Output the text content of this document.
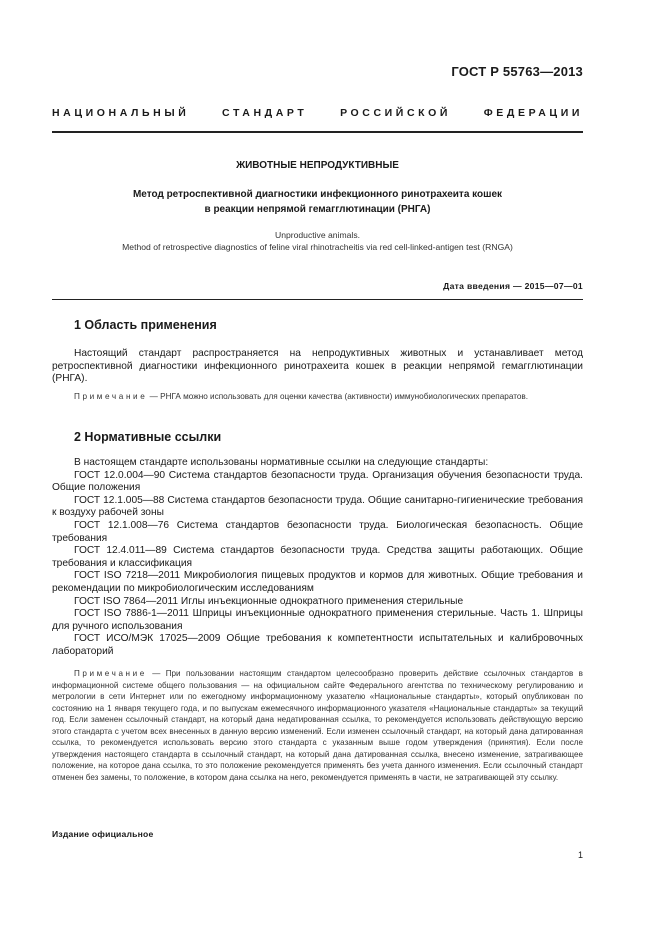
ГОСТ Р 55763—2013
НАЦИОНАЛЬНЫЙ СТАНДАРТ РОССИЙСКОЙ ФЕДЕРАЦИИ
ЖИВОТНЫЕ НЕПРОДУКТИВНЫЕ
Метод ретроспективной диагностики инфекционного ринотрахеита кошек
в реакции непрямой гемагглютинации (РНГА)
Unproductive animals.
Method of retrospective diagnostics of feline viral rhinotracheitis via red cell-linked-antigen test (RNGA)
Дата введения — 2015—07—01
1 Область применения

Настоящий стандарт распространяется на непродуктивных животных и устанавливает метод ретроспективной диагностики инфекционного ринотрахеита кошек в реакции непрямой гемагглютинации (РНГА).

Примечание — РНГА можно использовать для оценки качества (активности) иммунобиологических препаратов.

2 Нормативные ссылки

В настоящем стандарте использованы нормативные ссылки на следующие стандарты:

ГОСТ 12.0.004—90 Система стандартов безопасности труда. Организация обучения безопасности труда. Общие положения

ГОСТ 12.1.005—88 Система стандартов безопасности труда. Общие санитарно-гигиенические требования к воздуху рабочей зоны

ГОСТ 12.1.008—76 Система стандартов безопасности труда. Биологическая безопасность. Общие требования

ГОСТ 12.4.011—89 Система стандартов безопасности труда. Средства защиты работающих. Общие требования и классификация

ГОСТ ISO 7218—2011 Микробиология пищевых продуктов и кормов для животных. Общие требования и рекомендации по микробиологическим исследованиям

ГОСТ ISO 7864—2011 Иглы инъекционные однократного применения стерильные

ГОСТ ISO 7886-1—2011 Шприцы инъекционные однократного применения стерильные. Часть 1. Шприцы для ручного использования

ГОСТ ИСО/МЭК 17025—2009 Общие требования к компетентности испытательных и калибровочных лабораторий

Примечание — При пользовании настоящим стандартом целесообразно проверить действие ссылочных стандартов в информационной системе общего пользования — на официальном сайте Федерального агентства по техническому регулированию и метрологии в сети Интернет или по ежегодному информационному указателю «Национальные стандарты», который опубликован по состоянию на 1 января текущего года, и по выпускам ежемесячного информационного указателя «Национальные стандарты» за текущий год. Если заменен ссылочный стандарт, на который дана недатированная ссылка, то рекомендуется использовать действующую версию этого стандарта с учетом всех внесенных в данную версию изменений. Если изменен ссылочный стандарт, на который дана датированная ссылка, то рекомендуется использовать версию этого стандарта с указанным выше годом утверждения (принятия). Если после утверждения настоящего стандарта в ссылочный стандарт, на который дана датированная ссылка, внесено изменение, затрагивающее положение, на которое дана ссылка, то это положение рекомендуется применять без учета данного изменения. Если ссылочный стандарт отменен без замены, то положение, в котором дана ссылка на него, рекомендуется применять в части, не затрагивающей эту ссылку.

Издание официальное
1
